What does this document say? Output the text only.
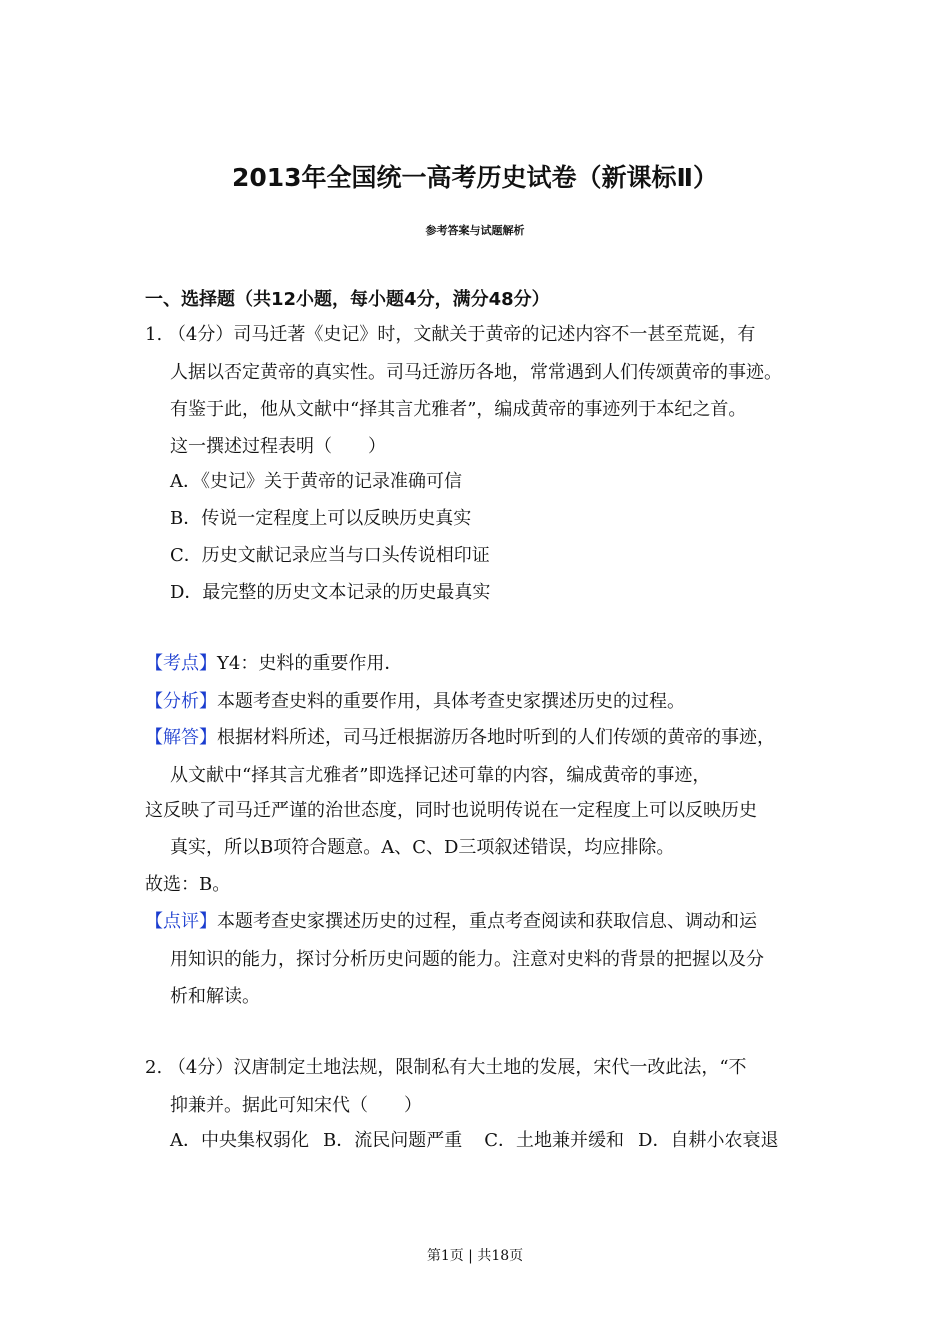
2013年全国统一高考历史试卷（新课标Ⅱ）
参考答案与试题解析
一、选择题（共12小题，每小题4分，满分48分）
1. （4分）司马迁著《史记》时，文献关于黄帝的记述内容不一甚至荒诞，有
人据以否定黄帝的真实性。司马迁游历各地，常常遇到人们传颂黄帝的事迹。
有鉴于此，他从文献中“择其言尤雅者”，编成黄帝的事迹列于本纪之首。
这一撰述过程表明（　　）
A．《史记》关于黄帝的记录准确可信
B．传说一定程度上可以反映历史真实
C．历史文献记录应当与口头传说相印证
D．最完整的历史文本记录的历史最真实
【考点】Y4：史料的重要作用．
【分析】本题考查史料的重要作用，具体考查史家撰述历史的过程。
【解答】根据材料所述，司马迁根据游历各地时听到的人们传颂的黄帝的事迹，
从文献中“择其言尤雅者”即选择记述可靠的内容，编成黄帝的事迹，
这反映了司马迁严谨的治世态度，同时也说明传说在一定程度上可以反映历史
真实，所以B项符合题意。A、C、D三项叙述错误，均应排除。
故选：B。
【点评】本题考查史家撰述历史的过程，重点考查阅读和获取信息、调动和运
用知识的能力，探讨分析历史问题的能力。注意对史料的背景的把握以及分
析和解读。
2. （4分）汉唐制定土地法规，限制私有大土地的发展，宋代一改此法，“不
抑兼并。据此可知宋代（　　）
A．中央集权弱化 B．流民问题严重 C．土地兼并缓和 D．自耕小农衰退
第1页 | 共18页
